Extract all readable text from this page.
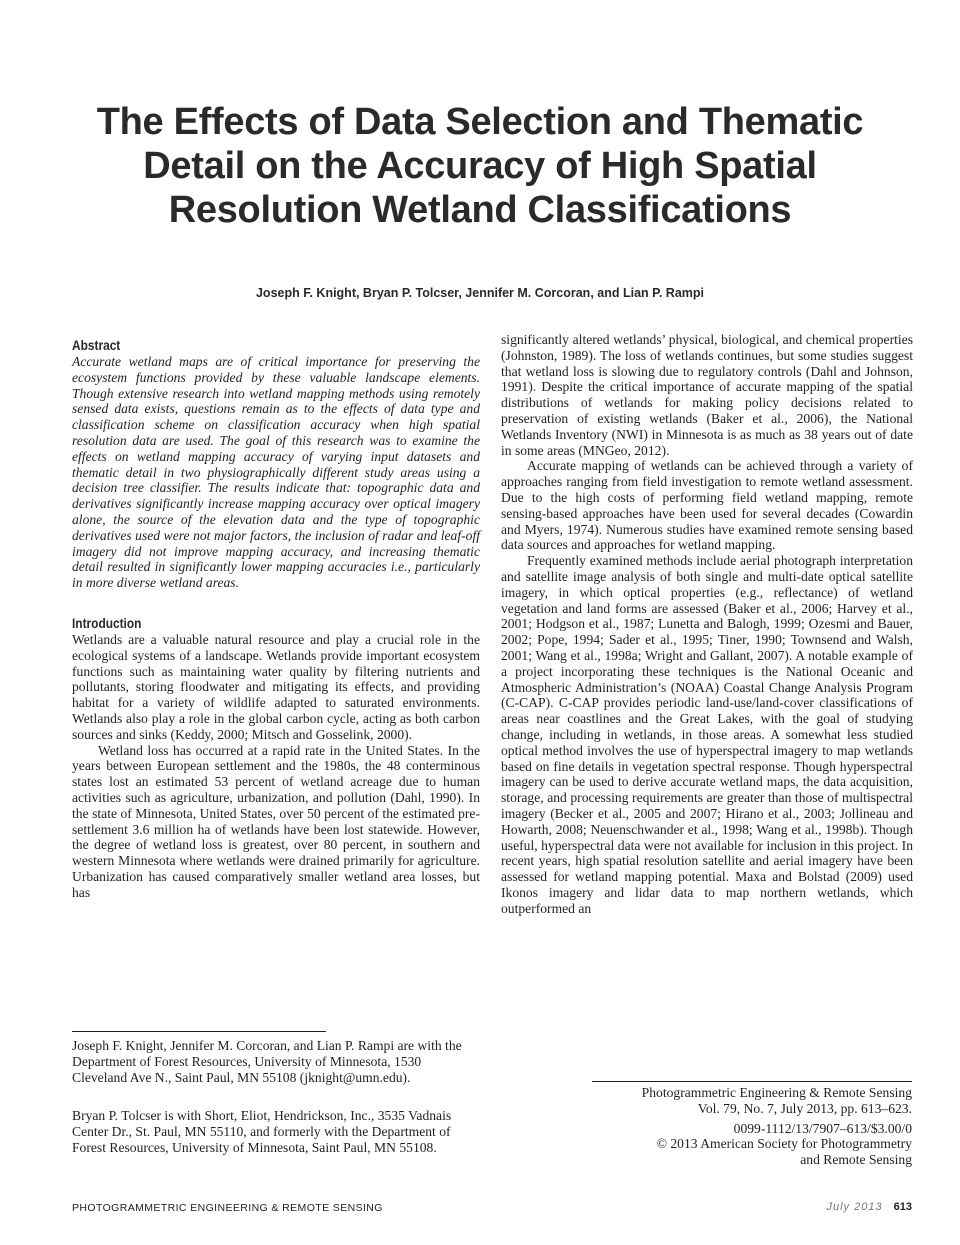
The Effects of Data Selection and Thematic
Detail on the Accuracy of High Spatial
Resolution Wetland Classifications
Joseph F. Knight, Bryan P. Tolcser, Jennifer M. Corcoran, and Lian P. Rampi
Abstract
Accurate wetland maps are of critical importance for preserving the ecosystem functions provided by these valuable landscape elements. Though extensive research into wetland mapping methods using remotely sensed data exists, questions remain as to the effects of data type and classification scheme on classification accuracy when high spatial resolution data are used. The goal of this research was to examine the effects on wetland mapping accuracy of varying input datasets and thematic detail in two physiographically different study areas using a decision tree classifier. The results indicate that: topographic data and derivatives significantly increase mapping accuracy over optical imagery alone, the source of the elevation data and the type of topographic derivatives used were not major factors, the inclusion of radar and leaf-off imagery did not improve mapping accuracy, and increasing thematic detail resulted in significantly lower mapping accuracies i.e., particularly in more diverse wetland areas.
Introduction
Wetlands are a valuable natural resource and play a crucial role in the ecological systems of a landscape. Wetlands provide important ecosystem functions such as maintaining water quality by filtering nutrients and pollutants, storing floodwater and mitigating its effects, and providing habitat for a variety of wildlife adapted to saturated environments. Wetlands also play a role in the global carbon cycle, acting as both carbon sources and sinks (Keddy, 2000; Mitsch and Gosselink, 2000).
Wetland loss has occurred at a rapid rate in the United States. In the years between European settlement and the 1980s, the 48 conterminous states lost an estimated 53 percent of wetland acreage due to human activities such as agriculture, urbanization, and pollution (Dahl, 1990). In the state of Minnesota, United States, over 50 percent of the estimated pre-settlement 3.6 million ha of wetlands have been lost statewide. However, the degree of wetland loss is greatest, over 80 percent, in southern and western Minnesota where wetlands were drained primarily for agriculture. Urbanization has caused comparatively smaller wetland area losses, but has
significantly altered wetlands’ physical, biological, and chemical properties (Johnston, 1989). The loss of wetlands continues, but some studies suggest that wetland loss is slowing due to regulatory controls (Dahl and Johnson, 1991). Despite the critical importance of accurate mapping of the spatial distributions of wetlands for making policy decisions related to preservation of existing wetlands (Baker et al., 2006), the National Wetlands Inventory (NWI) in Minnesota is as much as 38 years out of date in some areas (MNGeo, 2012).
Accurate mapping of wetlands can be achieved through a variety of approaches ranging from field investigation to remote wetland assessment. Due to the high costs of performing field wetland mapping, remote sensing-based approaches have been used for several decades (Cowardin and Myers, 1974). Numerous studies have examined remote sensing based data sources and approaches for wetland mapping.
Frequently examined methods include aerial photograph interpretation and satellite image analysis of both single and multi-date optical satellite imagery, in which optical properties (e.g., reflectance) of wetland vegetation and land forms are assessed (Baker et al., 2006; Harvey et al., 2001; Hodgson et al., 1987; Lunetta and Balogh, 1999; Ozesmi and Bauer, 2002; Pope, 1994; Sader et al., 1995; Tiner, 1990; Townsend and Walsh, 2001; Wang et al., 1998a; Wright and Gallant, 2007). A notable example of a project incorporating these techniques is the National Oceanic and Atmospheric Administration’s (NOAA) Coastal Change Analysis Program (C-CAP). C-CAP provides periodic land-use/land-cover classifications of areas near coastlines and the Great Lakes, with the goal of studying change, including in wetlands, in those areas. A somewhat less studied optical method involves the use of hyperspectral imagery to map wetlands based on fine details in vegetation spectral response. Though hyperspectral imagery can be used to derive accurate wetland maps, the data acquisition, storage, and processing requirements are greater than those of multispectral imagery (Becker et al., 2005 and 2007; Hirano et al., 2003; Jollineau and Howarth, 2008; Neuenschwander et al., 1998; Wang et al., 1998b). Though useful, hyperspectral data were not available for inclusion in this project. In recent years, high spatial resolution satellite and aerial imagery have been assessed for wetland mapping potential. Maxa and Bolstad (2009) used Ikonos imagery and lidar data to map northern wetlands, which outperformed an
Joseph F. Knight, Jennifer M. Corcoran, and Lian P. Rampi are with the Department of Forest Resources, University of Minnesota, 1530 Cleveland Ave N., Saint Paul, MN 55108 (jknight@umn.edu).
Bryan P. Tolcser is with Short, Eliot, Hendrickson, Inc., 3535 Vadnais Center Dr., St. Paul, MN 55110, and formerly with the Department of Forest Resources, University of Minnesota, Saint Paul, MN 55108.
Photogrammetric Engineering & Remote Sensing
Vol. 79, No. 7, July 2013, pp. 613–623.
0099-1112/13/7907–613/$3.00/0
© 2013 American Society for Photogrammetry
and Remote Sensing
PHOTOGRAMMETRIC ENGINEERING & REMOTE SENSING	July 2013 613
